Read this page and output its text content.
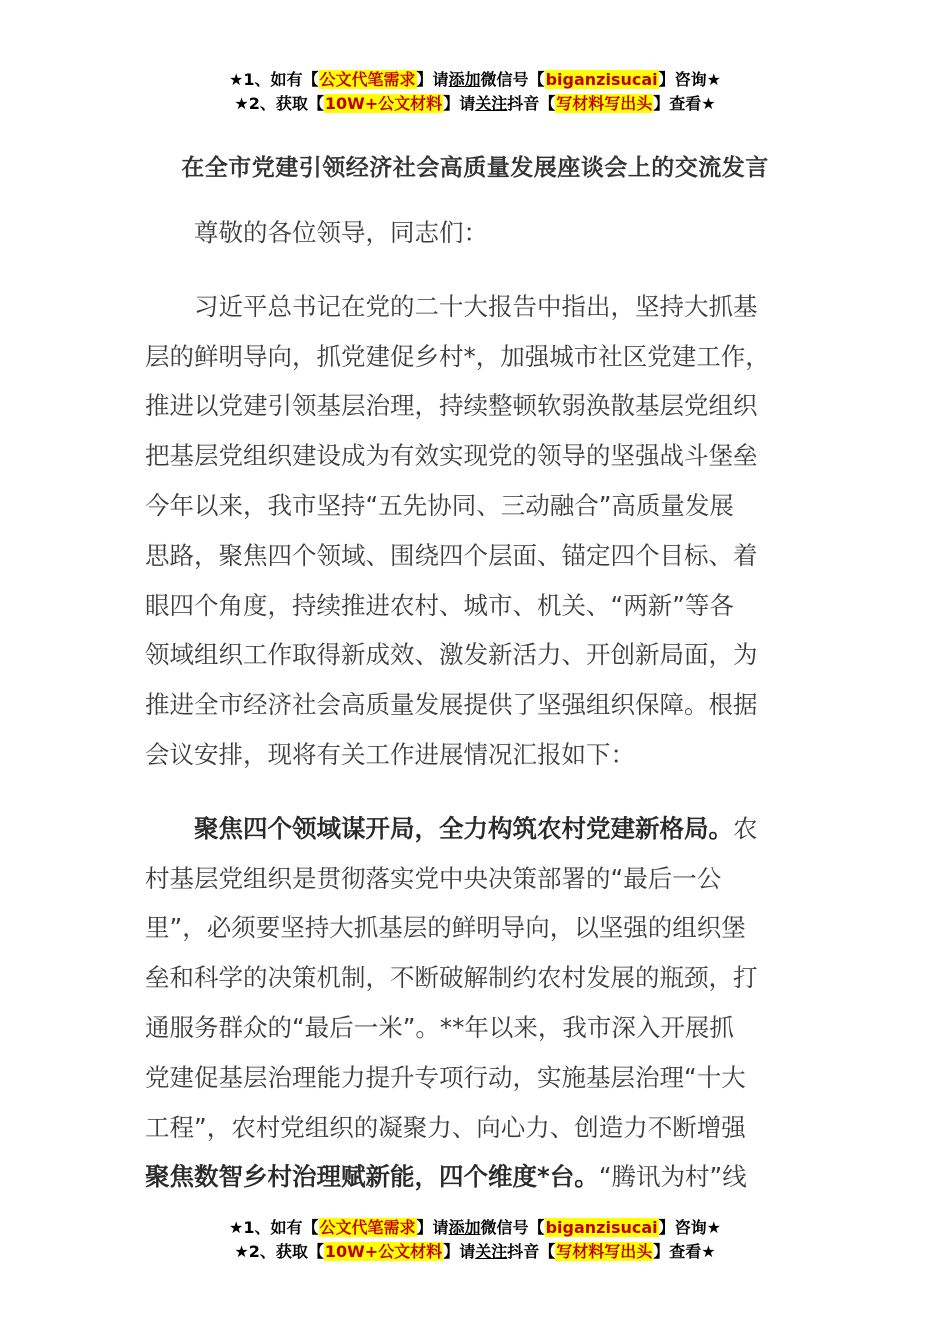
★1、如有【公文代笔需求】请添加微信号【biganzisucai】咨询★
★2、获取【10W+公文材料】请关注抖音【写材料写出头】查看★
在全市党建引领经济社会高质量发展座谈会上的交流发言

尊敬的各位领导，同志们：

习近平总书记在党的二十大报告中指出，坚持大抓基

层的鲜明导向，抓党建促乡村*，加强城市社区党建工作，

推进以党建引领基层治理，持续整顿软弱涣散基层党组织

把基层党组织建设成为有效实现党的领导的坚强战斗堡垒

今年以来，我市坚持“五先协同、三动融合”高质量发展

思路，聚焦四个领域、围绕四个层面、锚定四个目标、着

眼四个角度，持续推进农村、城市、机关、“两新”等各

领域组织工作取得新成效、激发新活力、开创新局面，为

推进全市经济社会高质量发展提供了坚强组织保障。根据

会议安排，现将有关工作进展情况汇报如下：

聚焦四个领域谋开局，全力构筑农村党建新格局。农

村基层党组织是贯彻落实党中央决策部署的“最后一公

里”，必须要坚持大抓基层的鲜明导向，以坚强的组织堡

垒和科学的决策机制，不断破解制约农村发展的瓶颈，打

通服务群众的“最后一米”。**年以来，我市深入开展抓

党建促基层治理能力提升专项行动，实施基层治理“十大

工程”，农村党组织的凝聚力、向心力、创造力不断增强

聚焦数智乡村治理赋新能，四个维度*台。“腾讯为村”线

★1、如有【公文代笔需求】请添加微信号【biganzisucai】咨询★
★2、获取【10W+公文材料】请关注抖音【写材料写出头】查看★
